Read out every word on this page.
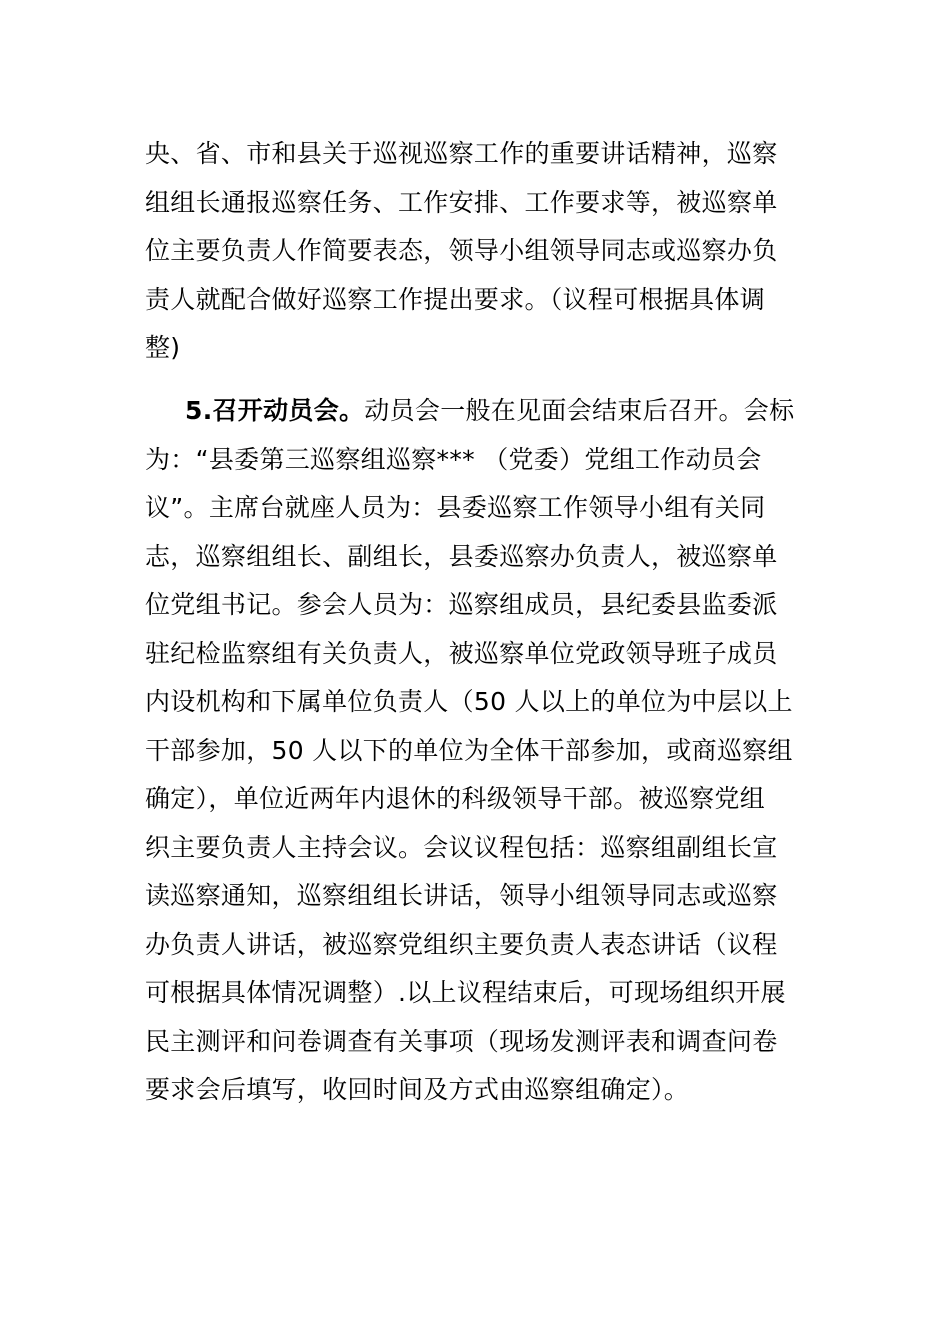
央、省、市和县关于巡视巡察工作的重要讲话精神，巡察
组组长通报巡察任务、工作安排、工作要求等，被巡察单
位主要负责人作简要表态，领导小组领导同志或巡察办负
责人就配合做好巡察工作提出要求。（议程可根据具体调
整)
5.召开动员会。动员会一般在见面会结束后召开。会标
为：“县委第三巡察组巡察*** （党委）党组工作动员会
议”。主席台就座人员为：县委巡察工作领导小组有关同
志，巡察组组长、副组长，县委巡察办负责人，被巡察单
位党组书记。参会人员为：巡察组成员，县纪委县监委派
驻纪检监察组有关负责人，被巡察单位党政领导班子成员
内设机构和下属单位负责人（50 人以上的单位为中层以上
干部参加，50 人以下的单位为全体干部参加，或商巡察组
确定），单位近两年内退休的科级领导干部。被巡察党组
织主要负责人主持会议。会议议程包括：巡察组副组长宣
读巡察通知，巡察组组长讲话，领导小组领导同志或巡察
办负责人讲话，被巡察党组织主要负责人表态讲话（议程
可根据具体情况调整）.以上议程结束后，可现场组织开展
民主测评和问卷调查有关事项（现场发测评表和调查问卷
要求会后填写，收回时间及方式由巡察组确定）。
